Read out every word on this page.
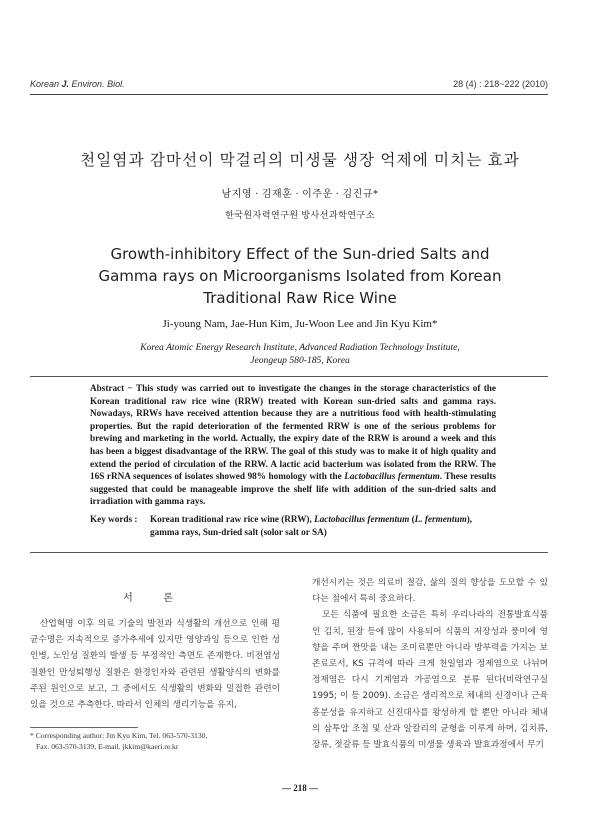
Korean J. Environ. Biol.	28 (4) : 218~222 (2010)
천일염과 감마선이 막걸리의 미생물 생장 억제에 미치는 효과
남지영 · 김재훈 · 이주운 · 김진규*
한국원자력연구원 방사선과학연구소
Growth-inhibitory Effect of the Sun-dried Salts and
Gamma rays on Microorganisms Isolated from Korean
Traditional Raw Rice Wine
Ji-young Nam, Jae-Hun Kim, Ju-Woon Lee and Jin Kyu Kim*
Korea Atomic Energy Research Institute, Advanced Radiation Technology Institute,
Jeongeup 580-185, Korea
Abstract − This study was carried out to investigate the changes in the storage characteristics of the Korean traditional raw rice wine (RRW) treated with Korean sun-dried salts and gamma rays. Nowadays, RRWs have received attention because they are a nutritious food with health-stimulating properties. But the rapid deterioration of the fermented RRW is one of the serious problems for brewing and marketing in the world. Actually, the expiry date of the RRW is around a week and this has been a biggest disadvantage of the RRW. The goal of this study was to make it of high quality and extend the period of circulation of the RRW. A lactic acid bacterium was isolated from the RRW. The 16S rRNA sequences of isolates showed 98% homology with the Lactobacillus fermentum. These results suggested that could be manageable improve the shelf life with addition of the sun-dried salts and irradiation with gamma rays.
Key words : Korean traditional raw rice wine (RRW), Lactobacillus fermentum (L. fermentum),
gamma rays, Sun-dried salt (solor salt or SA)
서 론

산업혁명 이후 의료 기술의 발전과 식생활의 개선으로 인해 평균수명은 지속적으로 증가추세에 있지만 영양과잉 등으로 인한 성인병, 노인성 질환의 발생 등 부정적인 측면도 존재한다. 비전염성 질환인 만성퇴행성 질환은 환경인자와 관련된 생활양식의 변화를 주된 원인으로 보고, 그 중에서도 식생활의 변화와 밀접한 관련이 있을 것으로 추측한다. 따라서 인체의 생리기능을 유지,

개선시키는 것은 의료비 절감, 삶의 질의 향상을 도모할 수 있다는 점에서 특히 중요하다.

모든 식품에 필요한 소금은 특히 우리나라의 전통발효식품인 김치, 된장 등에 많이 사용되어 식품의 저장성과 풍미에 영향을 주며 짠맛을 내는 조미료뿐만 아니라 방부력을 가지는 보존료로서, KS 규격에 따라 크게 천일염과 정제염으로 나뉘며 정제염은 다시 기계염과 가공염으로 분류 된다(비락연구실 1995; 이 등 2009). 소금은 생리적으로 체내의 신경이나 근육 흥분성을 유지하고 신진대사를 왕성하게 할 뿐만 아니라 체내의 삼투압 조절 및 산과 알칼리의 균형을 이루게 하며, 김치류, 장류, 젓갈류 등 발효식품의 미생물 생육과 발효과정에서 무기

* Corresponding author: Jin Kyu Kim, Tel. 063-570-3130,
Fax. 063-570-3139, E-mail. jkkim@kaeri.re.kr
— 218 —
